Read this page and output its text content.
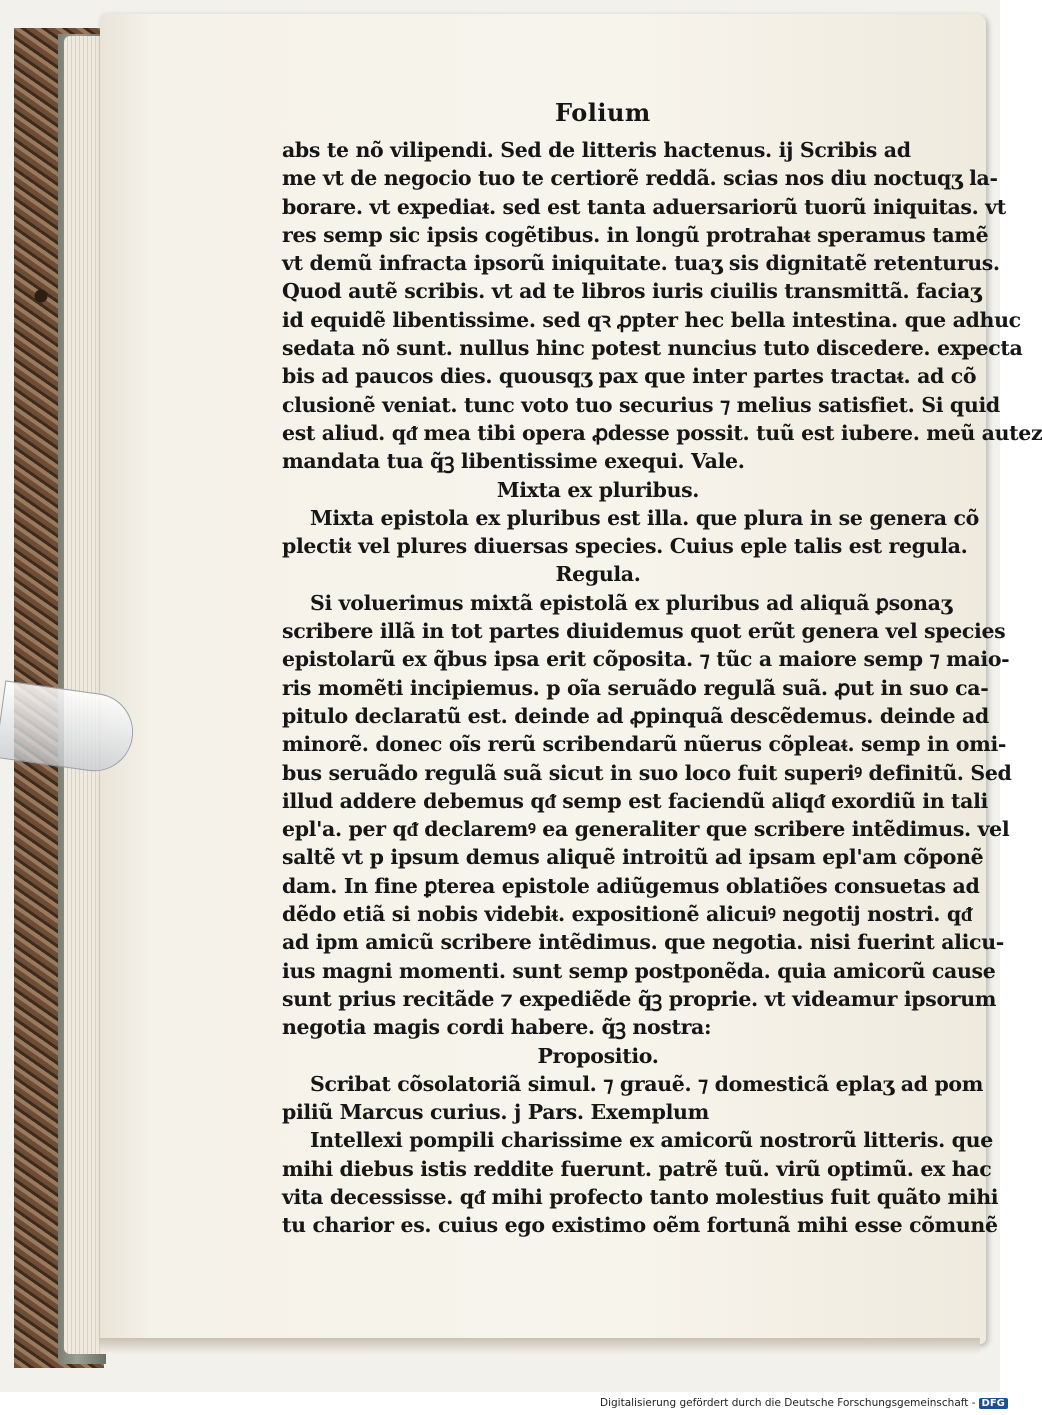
Folium
abs te nõ vilipendi. Sed de litteris hactenus. ij Scribis ad
me vt de negocio tuo te certiorẽ reddã. scias nos diu noctuqʒ la-
borare. vt expediaᵵ. sed est tanta aduersariorũ tuorũ iniquitas. vt
res semp sic ipsis cogẽtibus. in longũ protrahaᵵ speramus tamẽ
vt demũ infracta ipsorũ iniquitate. tuaʒ sis dignitatẽ retenturus.
Quod autẽ scribis. vt ad te libros iuris ciuilis transmittã. faciaʒ
id equidẽ libentissime. sed qꝛ ꝓpter hec bella intestina. que adhuc
sedata nõ sunt. nullus hinc potest nuncius tuto discedere. expecta
bis ad paucos dies. quousqʒ pax que inter partes tractaᵵ. ad cõ
clusionẽ veniat. tunc voto tuo securius ⁊ melius satisfiet. Si quid
est aliud. qᵭ mea tibi opera ꝓdesse possit. tuũ est iubere. meũ autez
mandata tua q̃ꝫ libentissime exequi. Vale.
Mixta ex pluribus.
Mixta epistola ex pluribus est illa. que plura in se genera cõ
plectiᵵ vel plures diuersas species. Cuius eple talis est regula.
Regula.
Si voluerimus mixtã epistolã ex pluribus ad aliquã ꝑsonaʒ
scribere illã in tot partes diuidemus quot erũt genera vel species
epistolarũ ex q̃bus ipsa erit cõposita. ⁊ tũc a maiore semp ⁊ maio-
ris momẽti incipiemus. p oĩa seruãdo regulã suã. ꝓut in suo ca-
pitulo declaratũ est. deinde ad ꝓpinquã descẽdemus. deinde ad
minorẽ. donec oĩs rerũ scribendarũ nũerus cõpleaᵵ. semp in omi-
bus seruãdo regulã suã sicut in suo loco fuit superiꝰ definitũ. Sed
illud addere debemus qᵭ semp est faciendũ aliqᵭ exordiũ in tali
epl'a. per qᵭ declaremꝰ ea generaliter que scribere intẽdimus. vel
saltẽ vt p ipsum demus aliquẽ introitũ ad ipsam epl'am cõponẽ
dam. In fine ꝑterea epistole adiũgemus oblatiões consuetas ad
dẽdo etiã si nobis videbiᵵ. expositionẽ alicuiꝰ negotij nostri. qᵭ
ad ipm amicũ scribere intẽdimus. que negotia. nisi fuerint alicu-
ius magni momenti. sunt semp postponẽda. quia amicorũ cause
sunt prius recitãde ⁊ expediẽde q̃ꝫ proprie. vt videamur ipsorum
negotia magis cordi habere. q̃ꝫ nostra:
Propositio.
Scribat cõsolatoriã simul. ⁊ grauẽ. ⁊ domesticã eplaʒ ad pom
piliũ Marcus curius. j Pars. Exemplum
Intellexi pompili charissime ex amicorũ nostrorũ litteris. que
mihi diebus istis reddite fuerunt. patrẽ tuũ. virũ optimũ. ex hac
vita decessisse. qᵭ mihi profecto tanto molestius fuit quãto mihi
tu charior es. cuius ego existimo oẽm fortunã mihi esse cõmunẽ
Digitalisierung gefördert durch die Deutsche Forschungsgemeinschaft - DFG
